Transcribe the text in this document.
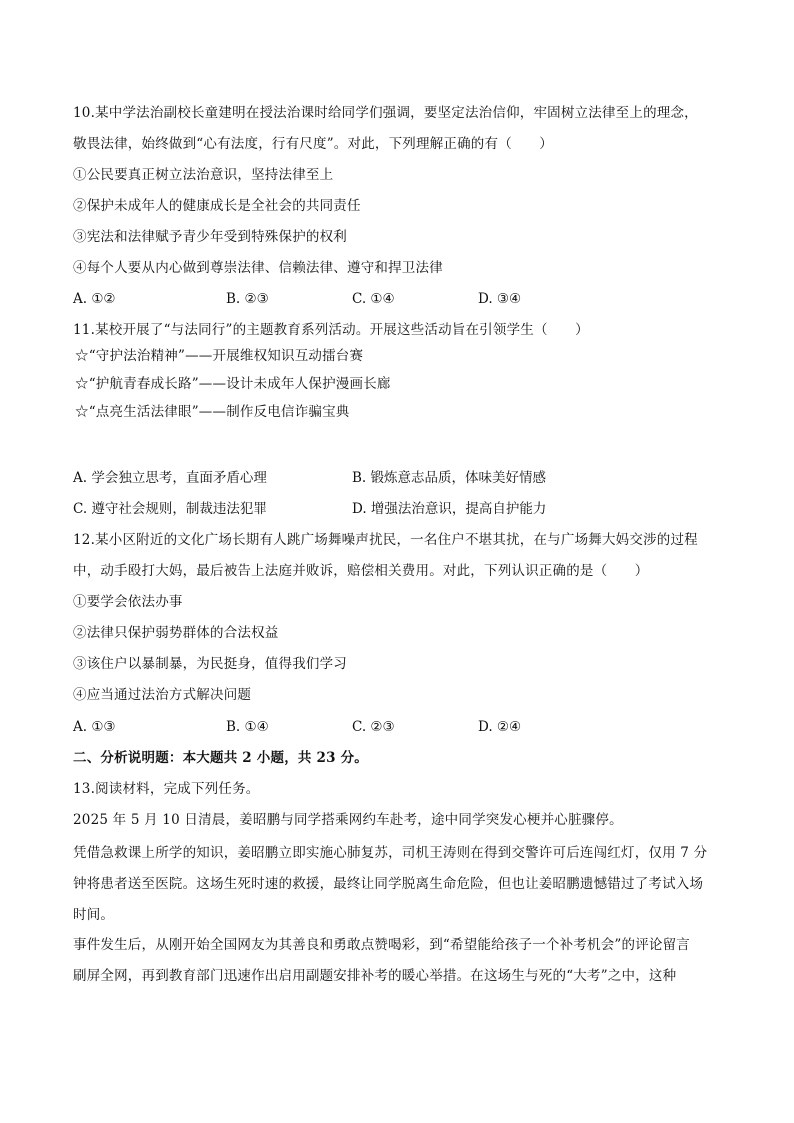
10.某中学法治副校长童建明在授法治课时给同学们强调，要坚定法治信仰，牢固树立法律至上的理念，
敬畏法律，始终做到“心有法度，行有尺度”。对此，下列理解正确的有（　　）
①公民要真正树立法治意识，坚持法律至上
②保护未成年人的健康成长是全社会的共同责任
③宪法和法律赋予青少年受到特殊保护的权利
④每个人要从内心做到尊崇法律、信赖法律、遵守和捍卫法律
A. ①②	B. ②③	C. ①④	D. ③④
11.某校开展了“与法同行”的主题教育系列活动。开展这些活动旨在引领学生（　　）
☆“守护法治精神”——开展维权知识互动擂台赛
☆“护航青春成长路”——设计未成年人保护漫画长廊
☆“点亮生活法律眼”——制作反电信诈骗宝典
A. 学会独立思考，直面矛盾心理	B. 锻炼意志品质，体味美好情感
C. 遵守社会规则，制裁违法犯罪	D. 增强法治意识，提高自护能力
12.某小区附近的文化广场长期有人跳广场舞噪声扰民，一名住户不堪其扰，在与广场舞大妈交涉的过程
中，动手殴打大妈，最后被告上法庭并败诉，赔偿相关费用。对此，下列认识正确的是（　　）
①要学会依法办事
②法律只保护弱势群体的合法权益
③该住户以暴制暴，为民挺身，值得我们学习
④应当通过法治方式解决问题
A. ①③	B. ①④	C. ②③	D. ②④
二、分析说明题：本大题共 2 小题，共 23 分。
13.阅读材料，完成下列任务。
2025 年 5 月 10 日清晨，姜昭鹏与同学搭乘网约车赴考，途中同学突发心梗并心脏骤停。
凭借急救课上所学的知识，姜昭鹏立即实施心肺复苏，司机王涛则在得到交警许可后连闯红灯，仅用 7 分
钟将患者送至医院。这场生死时速的救援，最终让同学脱离生命危险，但也让姜昭鹏遗憾错过了考试入场
时间。
事件发生后，从刚开始全国网友为其善良和勇敢点赞喝彩，到“希望能给孩子一个补考机会”的评论留言
刷屏全网，再到教育部门迅速作出启用副题安排补考的暖心举措。在这场生与死的“大考”之中，这种
